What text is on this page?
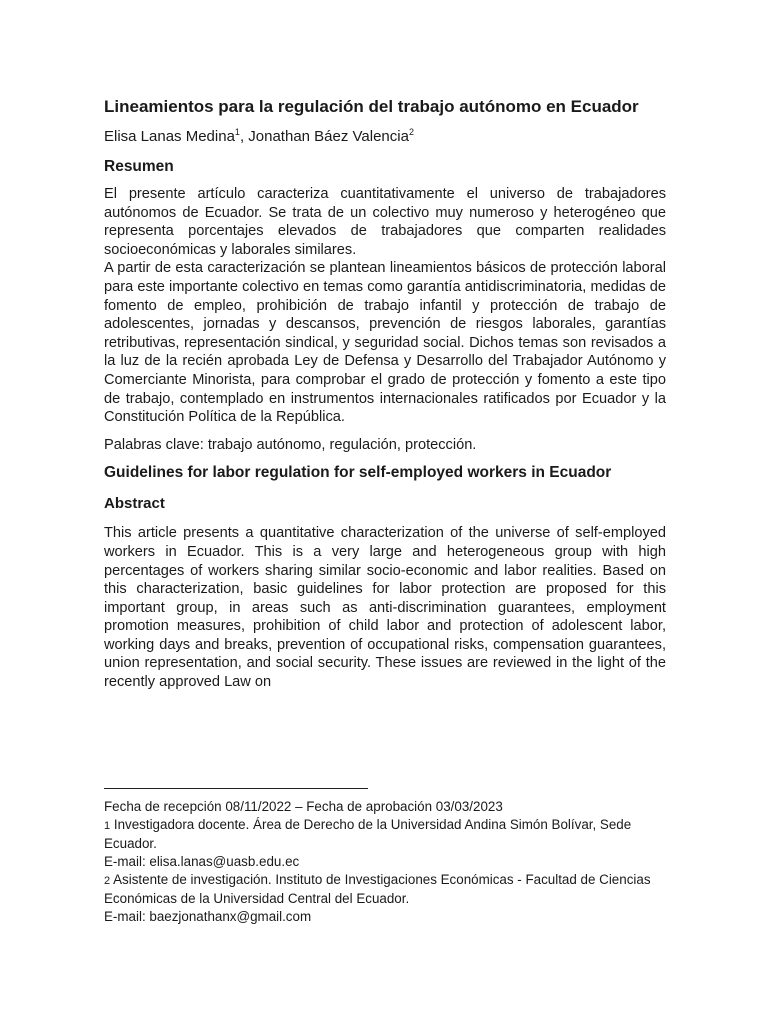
Lineamientos para la regulación del trabajo autónomo en Ecuador
Elisa Lanas Medina$^1$, Jonathan Báez Valencia$^2$
Resumen

El presente artículo caracteriza cuantitativamente el universo de trabajadores autónomos de Ecuador. Se trata de un colectivo muy numeroso y heterogéneo que representa porcentajes elevados de trabajadores que comparten realidades socioeconómicas y laborales similares.

A partir de esta caracterización se plantean lineamientos básicos de protección laboral para este importante colectivo en temas como garantía antidiscriminatoria, medidas de fomento de empleo, prohibición de trabajo infantil y protección de trabajo de adolescentes, jornadas y descansos, prevención de riesgos laborales, garantías retributivas, representación sindical, y seguridad social. Dichos temas son revisados a la luz de la recién aprobada Ley de Defensa y Desarrollo del Trabajador Autónomo y Comerciante Minorista, para comprobar el grado de protección y fomento a este tipo de trabajo, contemplado en instrumentos internacionales ratificados por Ecuador y la Constitución Política de la República.

Palabras clave: trabajo autónomo, regulación, protección.

Guidelines for labor regulation for self-employed workers in Ecuador
Abstract

This article presents a quantitative characterization of the universe of self-employed workers in Ecuador. This is a very large and heterogeneous group with high percentages of workers sharing similar socio-economic and labor realities. Based on this characterization, basic guidelines for labor protection are proposed for this important group, in areas such as anti-discrimination guarantees, employment promotion measures, prohibition of child labor and protection of adolescent labor, working days and breaks, prevention of occupational risks, compensation guarantees, union representation, and social security. These issues are reviewed in the light of the recently approved Law on

Fecha de recepción 08/11/2022 – Fecha de aprobación 03/03/2023

1 Investigadora docente. Área de Derecho de la Universidad Andina Simón Bolívar, Sede Ecuador.

E-mail: elisa.lanas@uasb.edu.ec

2 Asistente de investigación. Instituto de Investigaciones Económicas - Facultad de Ciencias Económicas de la Universidad Central del Ecuador.

E-mail: baezjonathanx@gmail.com
